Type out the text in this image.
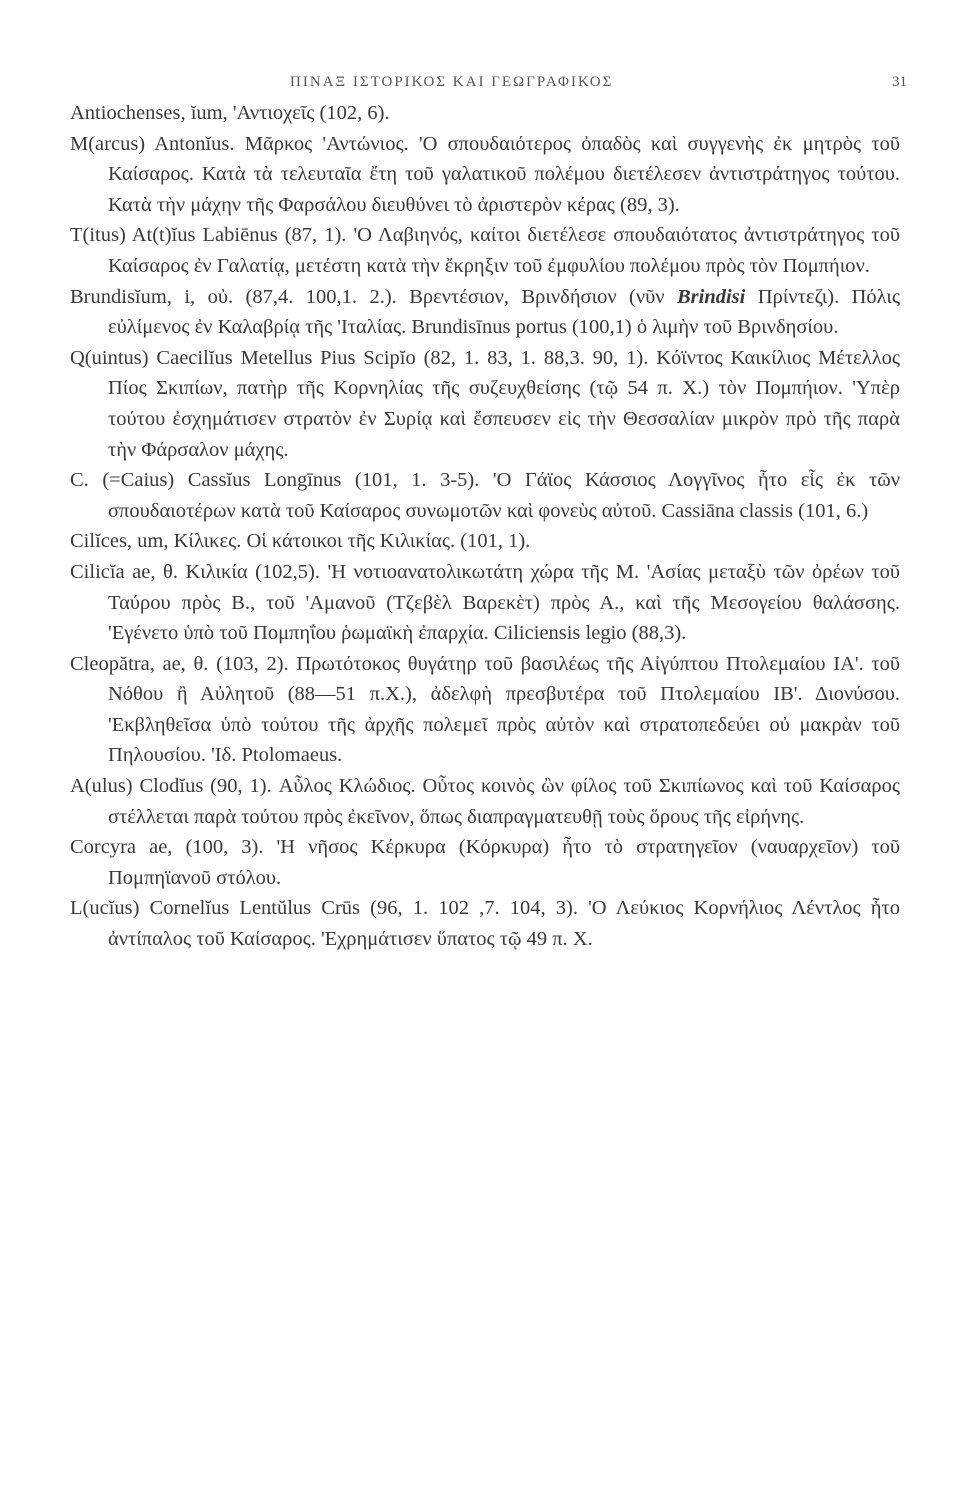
ΠΙΝΑΞ ΙΣΤΟΡΙΚΟΣ ΚΑΙ ΓΕΩΓΡΑΦΙΚΟΣ	31

Antiochenses, ĭum, 'Αντιοχεῖς (102, 6).

M(arcus) Antonĭus. Μᾶρκος 'Αντώνιος. 'Ο σπουδαιότερος ὀπαδὸς καὶ συγγενὴς ἐκ μητρὸς τοῦ Καίσαρος. Κατὰ τὰ τελευταῖα ἔτη τοῦ γαλατικοῦ πολέμου διετέλεσεν ἀντιστράτηγος τούτου. Κατὰ τὴν μάχην τῆς Φαρσάλου διευθύνει τὸ ἀριστερὸν κέρας (89, 3).

T(itus) At(t)ĭus Labiēnus (87, 1). 'Ο Λαβιηνός, καίτοι διετέλεσε σπουδαιότατος ἀντιστράτηγος τοῦ Καίσαρος ἐν Γαλατίᾳ, μετέστη κατὰ τὴν ἔκρηξιν τοῦ ἐμφυλίου πολέμου πρὸς τὸν Πομπήιον.

Brundisĭum, i, οὐ. (87,4. 100,1. 2.). Βρεντέσιον, Βρινδήσιον (νῦν Brindisi Πρίντεζι). Πόλις εὐλίμενος ἐν Καλαβρίᾳ τῆς 'Ιταλίας. Brundisīnus portus (100,1) ὁ λιμὴν τοῦ Βρινδησίου.

Q(uintus) Caecilĭus Metellus Pius Scipĭo (82, 1. 83, 1. 88,3. 90, 1). Κόϊντος Καικίλιος Μέτελλος Πίος Σκιπίων, πατὴρ τῆς Κορνηλίας τῆς συζευχθείσης (τῷ 54 π. Χ.) τὸν Πομπήιον. 'Υπὲρ τούτου ἐσχημάτισεν στρατὸν ἐν Συρίᾳ καὶ ἔσπευσεν εἰς τὴν Θεσσαλίαν μικρὸν πρὸ τῆς παρὰ τὴν Φάρσαλον μάχης.

C. (=Caius) Cassĭus Longīnus (101, 1. 3-5). 'Ο Γάϊος Κάσσιος Λογγῖνος ἦτο εἷς ἐκ τῶν σπουδαιοτέρων κατὰ τοῦ Καίσαρος συνωμοτῶν καὶ φονεὺς αὐτοῦ. Cassiāna classis (101, 6.)

Cilĭces, um, Κίλικες. Οἱ κάτοικοι τῆς Κιλικίας. (101, 1).

Cilicĭa ae, θ. Κιλικία (102,5). 'Η νοτιοανατολικωτάτη χώρα τῆς Μ. 'Ασίας μεταξὺ τῶν ὀρέων τοῦ Ταύρου πρὸς Β., τοῦ 'Αμανοῦ (Τζεβὲλ Βαρεκὲτ) πρὸς Α., καὶ τῆς Μεσογείου θαλάσσης. 'Εγένετο ὑπὸ τοῦ Πομπηΐου ῥωμαϊκὴ ἐπαρχία. Ciliciensis legio (88,3).

Cleopătra, ae, θ. (103, 2). Πρωτότοκος θυγάτηρ τοῦ βασιλέως τῆς Αἰγύπτου Πτολεμαίου ΙΑ'. τοῦ Νόθου ἢ Αὐλητοῦ (88—51 π.Χ.), ἀδελφὴ πρεσβυτέρα τοῦ Πτολεμαίου ΙΒ'. Διονύσου. 'Εκβληθεῖσα ὑπὸ τούτου τῆς ἀρχῆς πολεμεῖ πρὸς αὐτὸν καὶ στρατοπεδεύει οὐ μακρὰν τοῦ Πηλουσίου. 'Ιδ. Ptolomaeus.

A(ulus) Clodĭus (90, 1). Αὖλος Κλώδιος. Οὗτος κοινὸς ὢν φίλος τοῦ Σκιπίωνος καὶ τοῦ Καίσαρος στέλλεται παρὰ τούτου πρὸς ἐκεῖνον, ὅπως διαπραγματευθῇ τοὺς ὅρους τῆς εἰρήνης.

Corcyra ae, (100, 3). 'Η νῆσος Κέρκυρα (Κόρκυρα) ἦτο τὸ στρατηγεῖον (ναυαρχεῖον) τοῦ Πομπηϊανοῦ στόλου.

L(ucĭus) Cornelĭus Lentŭlus Crūs (96, 1. 102 ,7. 104, 3). 'Ο Λεύκιος Κορνήλιος Λέντλος ἦτο ἀντίπαλος τοῦ Καίσαρος. 'Εχρημάτισεν ὕπατος τῷ 49 π. Χ.
